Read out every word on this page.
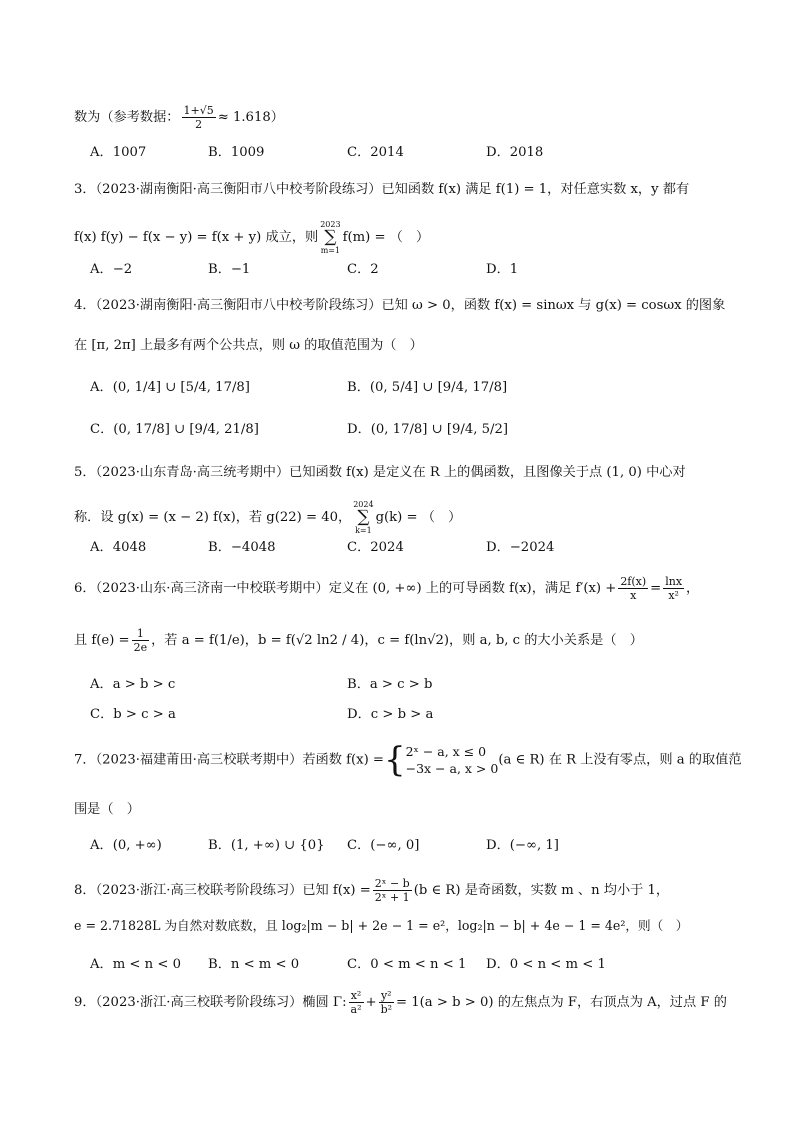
数为（参考数据： $\frac{1+√5}{2} \approx 1.618$）
A．1007	B．1009	C．2014	D．2018
3．（2023·湖南衡阳·高三衡阳市八中校考阶段练习）已知函数 f(x) 满足 f(1) = 1，对任意实数 x，y 都有
f(x) f(y) − f(x − y) = f(x + y) 成立，则2023
∑
m=1f(m) = （　）
A．−2	B．−1	C．2	D．1
4．（2023·湖南衡阳·高三衡阳市八中校考阶段练习）已知 ω > 0，函数 f(x) = sinωx 与 g(x) = cosωx 的图象
在 [π, 2π] 上最多有两个公共点，则 ω 的取值范围为（　）
A．(0, 1/4] ∪ [5/4, 17/8]	B．(0, 5/4] ∪ [9/4, 17/8]
C．(0, 17/8] ∪ [9/4, 21/8]	D．(0, 17/8] ∪ [9/4, 5/2]
5．（2023·山东青岛·高三统考期中）已知函数 f(x) 是定义在 R 上的偶函数，且图像关于点 (1, 0) 中心对
称．设 g(x) = (x − 2) f(x)，若 g(22) = 40，2024
∑
k=1g(k) = （　）
A．4048	B．−4048	C．2024	D．−2024
6．（2023·山东·高三济南一中校联考期中）定义在 (0, +∞) 上的可导函数 f(x)，满足 $f'(x) + \frac{2f(x)}{x} = \frac{\ln x}{\text{x²}}$ ，
且 $f(e) = \frac{1}{2e}$ ，若 a = f(1/e)，b = f(√2 ln2 / 4)，c = f(ln√2)，则 a, b, c 的大小关系是（　）
A．a > b > c	B．a > c > b
C．b > c > a	D．c > b > a
7．（2023·福建莆田·高三校联考期中）若函数 f(x) ={ 2ˣ − a, x ≤ 0
−3x − a, x > 0
(a ∈ R) 在 R 上没有零点，则 a 的取值范
围是（　）
A．(0, +∞)	B．(1, +∞) ∪ {0} C．(−∞, 0]	D．(−∞, 1]
8．（2023·浙江·高三校联考阶段练习）已知 $f(x) = \frac{\text{2ˣ − b}}{\text{2ˣ + 1}} (b$ ∈ R) 是奇函数，实数 m 、n 均小于 1，
e = 2.71828L 为自然对数底数，且 log₂|m − b| + 2e − 1 = e²，log₂|n − b| + 4e − 1 = 4e²，则（　）
A．m < n < 0 B．n < m < 0	C．0 < m < n < 1 D．0 < n < m < 1
9．（2023·浙江·高三校联考阶段练习）椭圆 Γ: $\frac{\text{x²}}{\text{a²}} + \frac{\text{y²}}{\text{b²}} = 1(a > b > 0)$ 的左焦点为 F，右顶点为 A，过点 F 的
